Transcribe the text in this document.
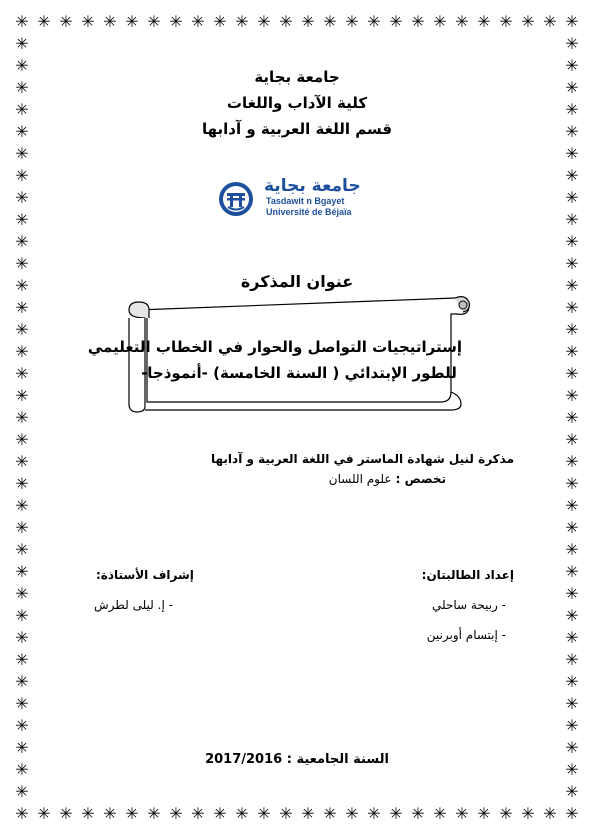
✳ ✳ ✳ ✳ ✳ ✳ ✳ ✳ ✳ ✳ ✳ ✳ ✳ ✳ ✳ ✳ ✳ ✳ ✳ ✳ ✳ ✳ ✳ ✳ ✳ ✳
✳ ✳ ✳ ✳ ✳ ✳ ✳ ✳ ✳ ✳ ✳ ✳ ✳ ✳ ✳ ✳ ✳ ✳ ✳ ✳ ✳ ✳ ✳ ✳ ✳ ✳
✳
✳
✳
✳
✳
✳
✳
✳
✳
✳
✳
✳
✳
✳
✳
✳
✳
✳
✳
✳
✳
✳
✳
✳
✳
✳
✳
✳
✳
✳
✳
✳
✳
✳
✳
✳
✳
✳
✳
✳
✳
✳
✳
✳
✳
✳
✳
✳
✳
✳
✳
✳
✳
✳
✳
✳
✳
✳
✳
✳
✳
✳
✳
✳
✳
✳
✳
✳
✳
✳
جامعة بجاية
كلية الآداب واللغات
قسم اللغة العربية و آدابها
جامعة بجاية
Tasdawit n Bgayet
Université de Béjaïa
عنوان المذكرة
إستراتيجيات التواصل والحوار في الخطاب التعليمي
للطور الإبتدائي ( السنة الخامسة) -أنموذجا-
مذكرة لنيل شهادة الماستر في اللغة العربية و آدابها
تخصص : علوم اللسان
إعداد الطالبتان:
- ربيحة ساحلي
- إبتسام أوبرنين
إشراف الأستاذة:
- إ. ليلى لطرش
السنة الجامعية : 2017/2016
